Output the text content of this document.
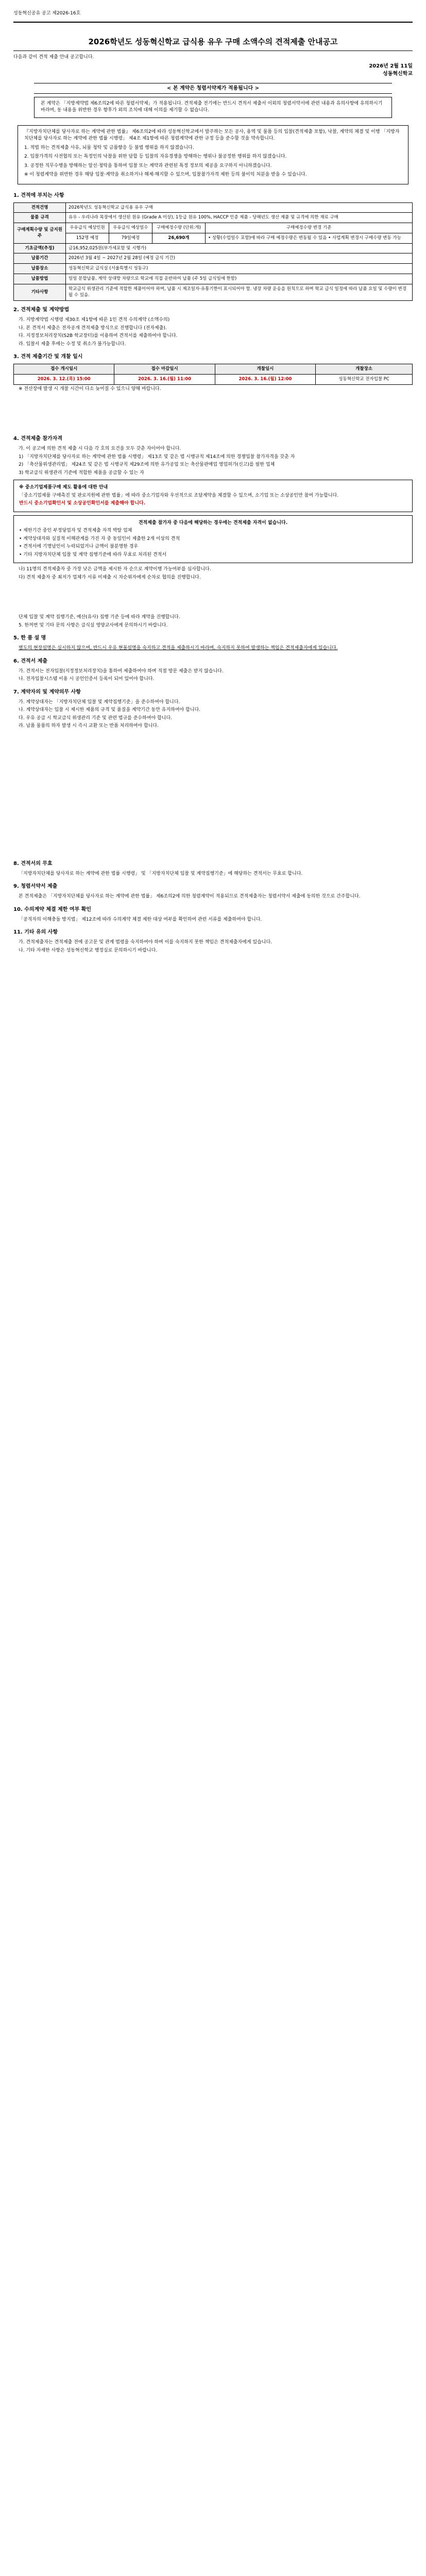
성동혁신공유 공고 제2026-16호
2026학년도 성동혁신학교 급식용 유우 구매 소액수의 견적제출 안내공고
다음과 같이 견적 제출 안내 공고합니다.
2026년 2월 11일
성동혁신학교
< 본 계약은 청렴서약제가 적용됩니다 >
본 계약은 「지방계약법 제6조의2에 따른 청렴서약제」가 적용됩니다. 견적제출 전기에는 반드시 견적서 제출서 이외의 청렴서약서에 관련 내용과 유의사항에 유의하시기 바라며, 동 내용을 위반한 경우 향후가 외의 조치에 대해 이의를 제기할 수 없습니다.

『지방자치단체를 당사자로 하는 계약에 관한 법률』 제6조의2에 따라 성동혁신학교에서 발주하는 모든 공사, 용역 및 물품 등의 입찰(견적제출 포함), 낙찰, 계약의 체결 및 이행 「지방자치단체를 당사자로 하는 계약에 관한 법률 시행령」 제4조 제1항에 따른 청렴계약에 관한 규정 등을 준수할 것을 약속합니다.

1. 적법 하는 견적제출 사유, 뇌물 청탁 및 금품향응 등 불법 행위를 하지 않겠습니다.

2. 입찰가격의 사전협의 또는 특정인의 낙찰을 위한 담합 등 입찰의 자유경쟁을 방해하는 행위나 불공정한 행위를 하지 않겠습니다.

3. 공정한 직무수행을 방해하는 알선·청탁을 통하여 입찰 또는 계약과 관련된 특정 정보의 제공을 요구하지 아니하겠습니다.

※ 이 청렴계약을 위반한 경우 해당 입찰·계약을 취소하거나 해제·해지할 수 있으며, 입찰참가자격 제한 등의 불이익 처분을 받을 수 있습니다.

1. 견적에 부치는 사항
견적건명	2026학년도 성동혁신학교 급식용 유우 구매			
물품 규격	유우 - 우리나라 목장에서 생산된 원유 (Grade A 이상), 1등급 원유 100%, HACCP 인증 제품 - 당해년도 생산 제품 및 규격에 의한 재료 구매			
구매계획수량 및 금지원주	우유급식 예상인원	우유급식 예상일수	구매예정수량 (단위:개)	구매예정수량 변경 기준
	152명 예정	79일예정	26,690개	• 상황(수업일수 포함)에 따라 구매 예정수량은 변동될 수 있음 • 사업계획 변경시 구매수량 변동 가능
기초금액(추정)	금16,952,025원(부가세포함 및 시행가)			
납품기간	2026년 3월 4일 ~ 2027년 2월 28일 (예정 급식 기간)			
납품장소	성동혁신학교 급식실 (서울특별시 성동구)			
납품방법	일일 분할납품, 계약 상대방 차량으로 학교에 직접 운반하여 납품 (주 5일 급식일에 한함)			
기타사항	학교급식 위생관리 기준에 적합한 제품이어야 하며, 납품 시 제조일자·유통기한이 표시되어야 함. 냉장 차량 운송을 원칙으로 하며 학교 급식 일정에 따라 납품 요일 및 수량이 변경될 수 있음.			
2. 견적제출 및 계약방법

가. 지방계약법 시행령 제30조 제1항에 따른 1인 견적 수의계약 (소액수의)

나. 본 견적서 제출은 전자공개 견적제출 방식으로 진행합니다 (전자제출).

다. 지정정보처리장치(S2B 학교장터)를 이용하여 견적서를 제출하여야 합니다.

라. 입찰서 제출 후에는 수정 및 취소가 불가능합니다.

3. 견적 제출기간 및 개찰 일시
접수 개시일시	접수 마감일시	개찰일시	개찰장소
2026. 3. 12.(목) 15:00	2026. 3. 16.(월) 11:00	2026. 3. 16.(월) 12:00	성동혁신학교 전자입찰 PC

※ 전산장애 발생 시 개찰 시간이 다소 늦어질 수 있으니 양해 바랍니다.

4. 견적제출 참가자격

가. 이 공고에 의한 견적 제출 시 다음 각 호의 요건을 모두 갖춘 자이어야 합니다.

1) 「지방자치단체를 당사자로 하는 계약에 관한 법률 시행령」 제13조 및 같은 법 시행규칙 제14조에 의한 경쟁입찰 참가자격을 갖춘 자

2) 「축산물위생관리법」 제24조 및 같은 법 시행규칙 제29조에 의한 유가공업 또는 축산물판매업 영업허가(신고)를 필한 업체

3) 학교급식 위생관리 기준에 적합한 제품을 공급할 수 있는 자

※ 중소기업제품구매 제도 활용에 대한 안내

「중소기업제품 구매촉진 및 판로지원에 관한 법률」에 따라 중소기업자와 우선적으로 조달계약을 체결할 수 있으며, 소기업 또는 소상공인만 참여 가능합니다.

반드시 중소기업확인서 및 소상공인확인서를 제출해야 합니다.

견적제출 참가자 중 다음에 해당하는 경우에는 견적제출 자격이 없습니다.

• 제한기간 중인 부정당업자 및 견적제출 자격 박탈 업체

• 계약상대자와 실질적 이해관계를 가진 자 중 동일인이 제출한 2개 이상의 견적

• 견적서에 기명날인이 누락되었거나 금액이 불분명한 경우

• 기타 지방자치단체 입찰 및 계약 집행기준에 따라 무효로 처리된 견적서

나) 11명의 견적제출자 중 가장 낮은 금액을 제시한 자 순으로 계약이행 가능여부를 심사합니다.

다) 견적 제출자 중 최저가 업체가 서류 미제출 시 차순위자에게 순차로 협의를 진행합니다.

단체 입찰 및 계약 집행기준, 예산(유사) 집행 기준 등에 따라 계약을 진행합니다.

5. 한꺼번 및 기타 문의 사항은 급식실 영양교사에게 문의하시기 바랍니다.

5. 한 품 설 명

별도의 현장설명은 실시하지 않으며, 반드시 우유 현물설명을 숙지하고 견적을 제출하시기 바라며, 숙지하지 못하여 발생하는 책임은 견적제출자에게 있습니다.

6. 견적서 제출

가. 견적서는 전자입찰(지정정보처리장치)을 통하여 제출하여야 하며 직접 방문 제출은 받지 않습니다.

나. 전자입찰시스템 이용 시 공인인증서 등록이 되어 있어야 합니다.

7. 계약자의 및 계약의무 사항

가. 계약상대자는 「지방자치단체 입찰 및 계약집행기준」을 준수하여야 합니다.

나. 계약상대자는 입찰 시 제시한 제품의 규격 및 품질을 계약기간 동안 유지하여야 합니다.

다. 우유 공급 시 학교급식 위생관리 기준 및 관련 법규를 준수하여야 합니다.

라. 납품 물품의 하자 발생 시 즉시 교환 또는 반품 처리하여야 합니다.

8. 견적서의 무효

「지방자치단체를 당사자로 하는 계약에 관한 법률 시행령」 및 「지방자치단체 입찰 및 계약집행기준」에 해당하는 견적서는 무효로 합니다.

9. 청렴서약서 제출

본 견적제출은 「지방자치단체를 당사자로 하는 계약에 관한 법률」 제6조의2에 의한 청렴계약이 적용되므로 견적제출자는 청렴서약서 제출에 동의한 것으로 간주합니다.

10. 수의계약 체결 제한 여부 확인

「공직자의 이해충돌 방지법」 제12조에 따라 수의계약 체결 제한 대상 여부를 확인하여 관련 서류를 제출하여야 합니다.

11. 기타 유의 사항

가. 견적제출자는 견적제출 전에 공고문 및 관계 법령을 숙지하여야 하며 이를 숙지하지 못한 책임은 견적제출자에게 있습니다.

나. 기타 자세한 사항은 성동혁신학교 행정실로 문의하시기 바랍니다.
